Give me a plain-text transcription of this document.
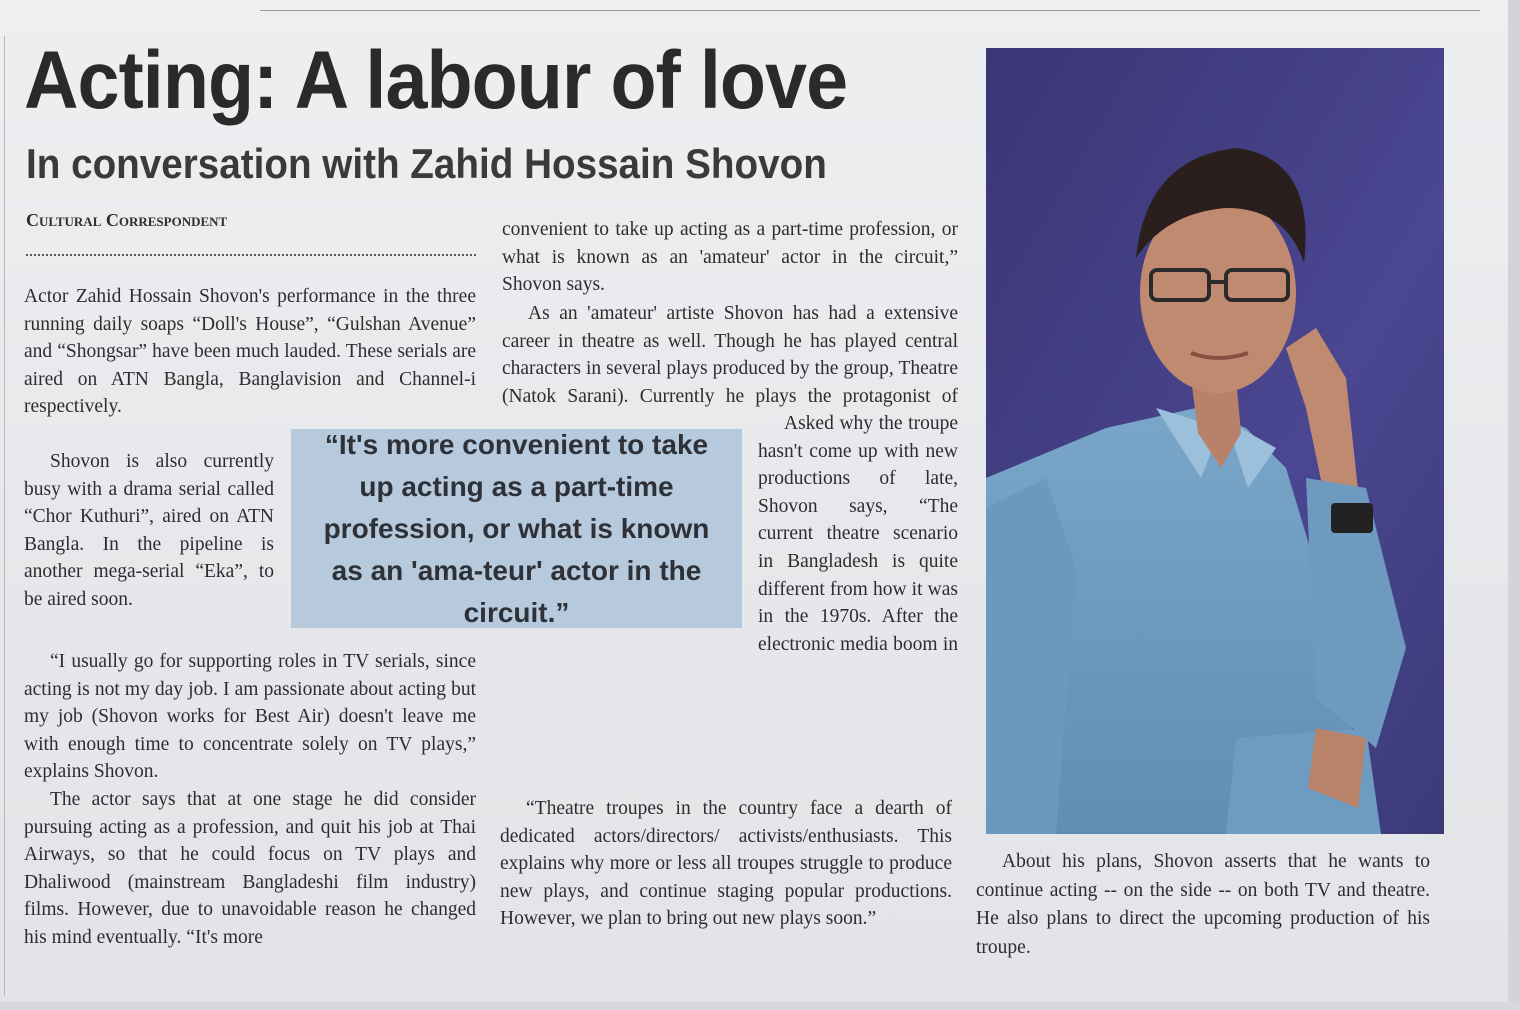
Acting: A labour of love
In conversation with Zahid Hossain Shovon
Cultural Correspondent
Actor Zahid Hossain Shovon's performance in the three running daily soaps “Doll's House”, “Gulshan Avenue” and “Shongsar” have been much lauded. These serials are aired on ATN Bangla, Banglavision and Channel-i respectively.

Shovon is also currently busy with a drama serial called “Chor Kuthuri”, aired on ATN Bangla. In the pipeline is another mega-serial “Eka”, to be aired soon.

“I usually go for supporting roles in TV serials, since acting is not my day job. I am passionate about acting but my job (Shovon works for Best Air) doesn't leave me with enough time to concentrate solely on TV plays,” explains Shovon.

The actor says that at one stage he did consider pursuing acting as a profession, and quit his job at Thai Airways, so that he could focus on TV plays and Dhaliwood (mainstream Bangladeshi film industry) films. However, due to unavoidable reason he changed his mind eventually. “It's more

convenient to take up acting as a part-time profession, or what is known as an 'amateur' actor in the circuit,” Shovon says.

As an 'amateur' artiste Shovon has had a extensive career in theatre as well. Though he has played central characters in several plays produced by the group, Theatre (Natok Sarani). Currently he plays the protagonist of

Asked why the troupe hasn't come up with new productions of late, Shovon says, “The current theatre scenario in Bangladesh is quite different from how it was in the 1970s. After the electronic media boom in

“Theatre troupes in the country face a dearth of dedicated actors/directors/ activists/enthusiasts. This explains why more or less all troupes struggle to produce new plays, and continue staging popular productions. However, we plan to bring out new plays soon.”

“It's more convenient to take up acting as a part-time profession, or what is known as an 'ama-teur' actor in the circuit.”

About his plans, Shovon asserts that he wants to continue acting -- on the side -- on both TV and theatre. He also plans to direct the upcoming production of his troupe.
